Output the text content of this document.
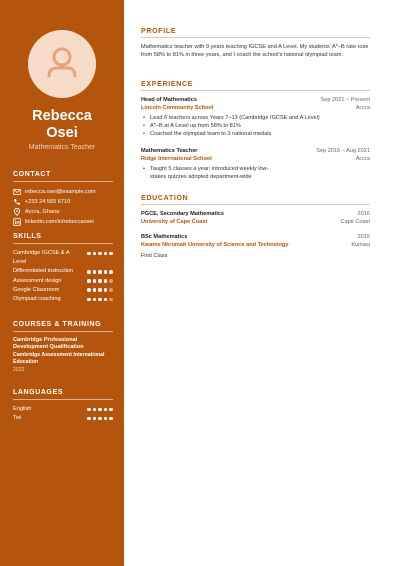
Rebecca
Osei
Mathematics Teacher
CONTACT
rebecca.osei@example.com
+233 24 565 6710
Accra, Ghana
linkedin.com/in/rebeccaosei
SKILLS
Cambridge IGCSE & A Level
Differentiated instruction
Assessment design
Google Classroom
Olympiad coaching
COURSES & TRAINING
Cambridge Professional Development Qualification
Cambridge Assessment International Education
2022
LANGUAGES
English
Twi
PROFILE
Mathematics teacher with 9 years teaching IGCSE and A Level. My students’ A*–B rate rose from 58% to 81% in three years, and I coach the school’s national olympiad team.
EXPERIENCE
Head of Mathematics	Sep 2021 – Present
Lincoln Community School	Accra
• Lead 6 teachers across Years 7–13 (Cambridge IGCSE and A Level)
• A*–B at A Level up from 58% to 81%
• Coached the olympiad team to 3 national medals
Mathematics Teacher	Sep 2016 – Aug 2021
Ridge International School	Accra
• Taught 5 classes a year; introduced weekly low-stakes quizzes adopted department-wide
EDUCATION
PGCE, Secondary Mathematics	2016
University of Cape Coast	Cape Coast
BSc Mathematics	2015
Kwame Nkrumah University of Science and Technology	Kumasi
First Class
